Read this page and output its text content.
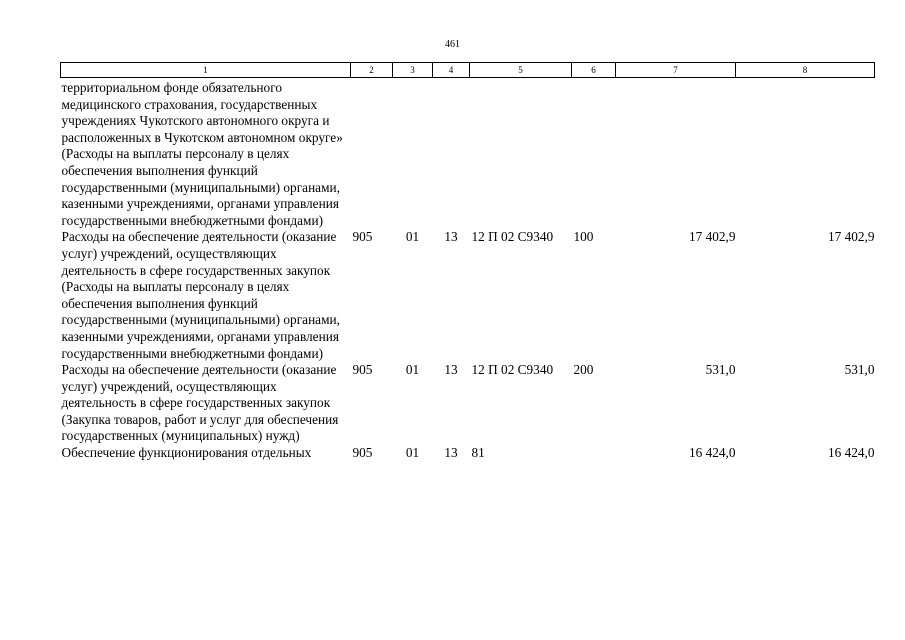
461
1	2	3	4	5	6	7	8
территориальном фонде обязательного медицинского страхования, государственных учреждениях Чукотского автономного округа и расположенных в Чукотском автономном округе» (Расходы на выплаты персоналу в целях обеспечения выполнения функций государственными (муниципальными) органами, казенными учреждениями, органами управления государственными внебюджетными фондами)							
Расходы на обеспечение деятельности (оказание услуг) учреждений, осуществляющих деятельность в сфере государственных закупок (Расходы на выплаты персоналу в целях обеспечения выполнения функций государственными (муниципальными) органами, казенными учреждениями, органами управления государственными внебюджетными фондами)	905	01	13	12 П 02 С9340	100	17 402,9	17 402,9
Расходы на обеспечение деятельности (оказание услуг) учреждений, осуществляющих деятельность в сфере государственных закупок (Закупка товаров, работ и услуг для обеспечения государственных (муниципальных) нужд)	905	01	13	12 П 02 С9340	200	531,0	531,0
Обеспечение функционирования отдельных	905	01	13	81		16 424,0	16 424,0
